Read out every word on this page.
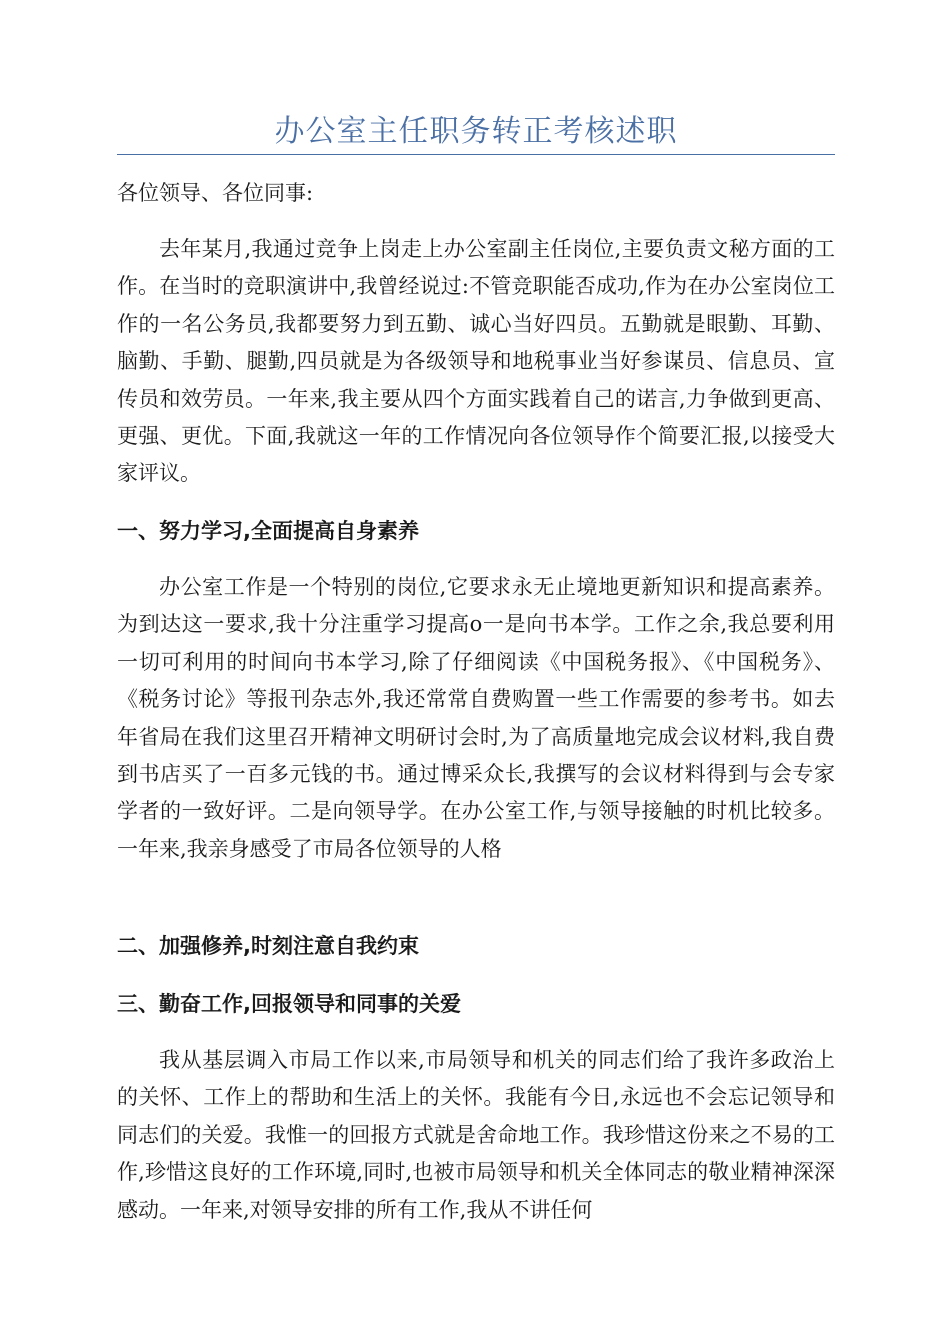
办公室主任职务转正考核述职

各位领导、各位同事:

去年某月,我通过竞争上岗走上办公室副主任岗位,主要负责文秘方面的工作。在当时的竞职演讲中,我曾经说过:不管竞职能否成功,作为在办公室岗位工作的一名公务员,我都要努力到五勤、诚心当好四员。五勤就是眼勤、耳勤、脑勤、手勤、腿勤,四员就是为各级领导和地税事业当好参谋员、信息员、宣传员和效劳员。一年来,我主要从四个方面实践着自己的诺言,力争做到更高、更强、更优。下面,我就这一年的工作情况向各位领导作个简要汇报,以接受大家评议。

一、努力学习,全面提高自身素养

办公室工作是一个特别的岗位,它要求永无止境地更新知识和提高素养。为到达这一要求,我十分注重学习提高o一是向书本学。工作之余,我总要利用一切可利用的时间向书本学习,除了仔细阅读《中国税务报》、《中国税务》、《税务讨论》等报刊杂志外,我还常常自费购置一些工作需要的参考书。如去年省局在我们这里召开精神文明研讨会时,为了高质量地完成会议材料,我自费到书店买了一百多元钱的书。通过博采众长,我撰写的会议材料得到与会专家学者的一致好评。二是向领导学。在办公室工作,与领导接触的时机比较多。一年来,我亲身感受了市局各位领导的人格

二、加强修养,时刻注意自我约束

三、勤奋工作,回报领导和同事的关爱

我从基层调入市局工作以来,市局领导和机关的同志们给了我许多政治上的关怀、工作上的帮助和生活上的关怀。我能有今日,永远也不会忘记领导和同志们的关爱。我惟一的回报方式就是舍命地工作。我珍惜这份来之不易的工作,珍惜这良好的工作环境,同时,也被市局领导和机关全体同志的敬业精神深深感动。一年来,对领导安排的所有工作,我从不讲任何
